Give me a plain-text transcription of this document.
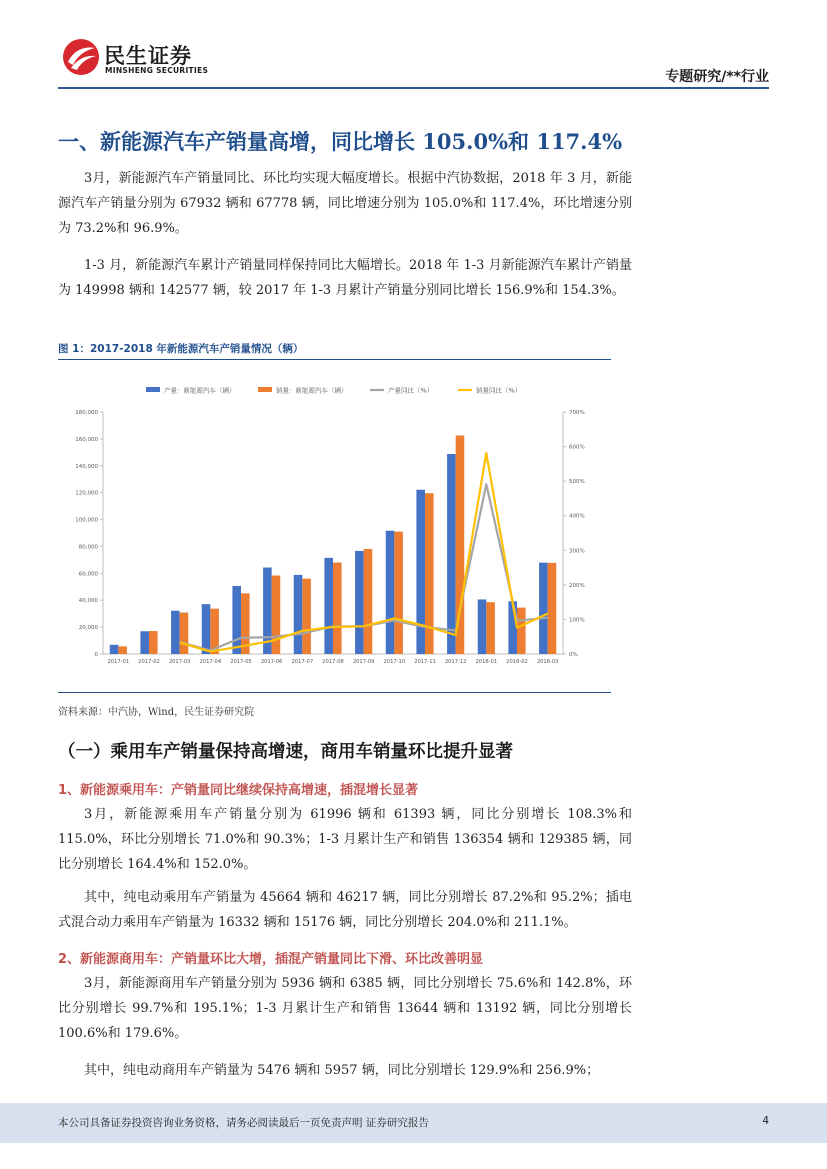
民生证券
MINSHENG SECURITIES	专题研究/**行业
一、新能源汽车产销量高增，同比增长 105.0%和 117.4%

3月，新能源汽车产销量同比、环比均实现大幅度增长。根据中汽协数据，2018 年 3 月，新能源汽车产销量分别为 67932 辆和 67778 辆，同比增速分别为 105.0%和 117.4%，环比增速分别为 73.2%和 96.9%。

1-3 月，新能源汽车累计产销量同样保持同比大幅增长。2018 年 1-3 月新能源汽车累计产销量为 149998 辆和 142577 辆，较 2017 年 1-3 月累计产销量分别同比增长 156.9%和 154.3%。

图 1：2017-2018 年新能源汽车产销量情况（辆）
0
20,000
40,000
60,000
80,000
100,000
120,000
140,000
160,000
180,000
0%
100%
200%
300%
400%
500%
600%
700%
2017-01 2017-02 2017-03 2017-04 2017-05 2017-06 2017-07 2017-08 2017-09 2017-10 2017-11 2017-12 2018-01 2018-02 2018-03
产量：新能源汽车（辆）	销量：新能源汽车（辆）	产量同比（%）	销量同比（%）
资料来源：中汽协，Wind，民生证券研究院
（一）乘用车产销量保持高增速，商用车销量环比提升显著
1、新能源乘用车：产销量同比继续保持高增速，插混增长显著

3月，新能源乘用车产销量分别为 61996 辆和 61393 辆，同比分别增长 108.3%和 115.0%，环比分别增长 71.0%和 90.3%；1-3 月累计生产和销售 136354 辆和 129385 辆，同比分别增长 164.4%和 152.0%。

其中，纯电动乘用车产销量为 45664 辆和 46217 辆，同比分别增长 87.2%和 95.2%；插电式混合动力乘用车产销量为 16332 辆和 15176 辆，同比分别增长 204.0%和 211.1%。

2、新能源商用车：产销量环比大增，插混产销量同比下滑、环比改善明显

3月，新能源商用车产销量分别为 5936 辆和 6385 辆，同比分别增长 75.6%和 142.8%，环比分别增长 99.7%和 195.1%；1-3 月累计生产和销售 13644 辆和 13192 辆，同比分别增长 100.6%和 179.6%。

其中，纯电动商用车产销量为 5476 辆和 5957 辆，同比分别增长 129.9%和 256.9%；

本公司具备证券投资咨询业务资格，请务必阅读最后一页免责声明 证券研究报告	4
